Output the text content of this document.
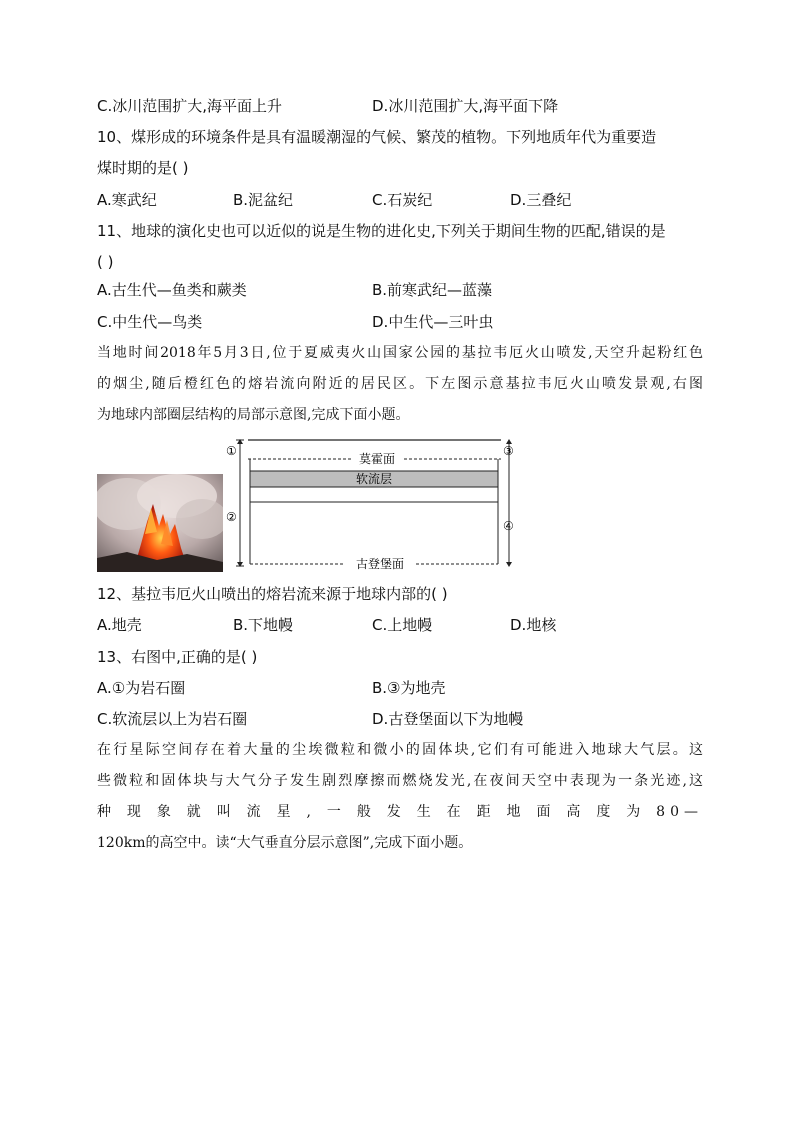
C.冰川范围扩大,海平面上升	D.冰川范围扩大,海平面下降
10、煤形成的环境条件是具有温暖潮湿的气候、繁茂的植物。下列地质年代为重要造
煤时期的是( )
A.寒武纪	B.泥盆纪	C.石炭纪	D.三叠纪
11、地球的演化史也可以近似的说是生物的进化史,下列关于期间生物的匹配,错误的是
( )
A.古生代—鱼类和蕨类	B.前寒武纪—蓝藻
C.中生代—鸟类	D.中生代—三叶虫
当地时间2018年5月3日,位于夏威夷火山国家公园的基拉韦厄火山喷发,天空升起粉红色
的烟尘,随后橙红色的熔岩流向附近的居民区。下左图示意基拉韦厄火山喷发景观,右图
为地球内部圈层结构的局部示意图,完成下面小题。
①
②
③
④
莫霍面
软流层
古登堡面
12、基拉韦厄火山喷出的熔岩流来源于地球内部的( )
A.地壳	B.下地幔	C.上地幔	D.地核
13、右图中,正确的是( )
A.①为岩石圈	B.③为地壳
C.软流层以上为岩石圈	D.古登堡面以下为地幔
在行星际空间存在着大量的尘埃微粒和微小的固体块,它们有可能进入地球大气层。这
些微粒和固体块与大气分子发生剧烈摩擦而燃烧发光,在夜间天空中表现为一条光迹,这
种现象就叫流星,一般发生在距地面高度为80—
120km的高空中。读“大气垂直分层示意图”,完成下面小题。
